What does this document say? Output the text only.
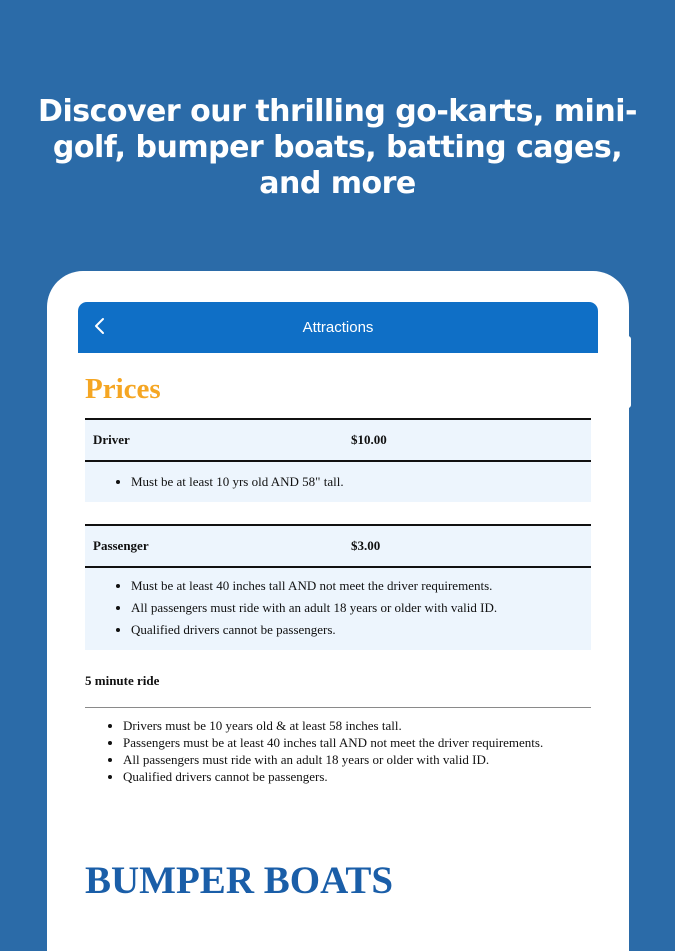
Discover our thrilling go-karts, mini-
golf, bumper boats, batting cages,
and more
Attractions
Prices
Driver	$10.00
• Must be at least 10 yrs old AND 58" tall.
Passenger	$3.00
• Must be at least 40 inches tall AND not meet the driver requirements.
• All passengers must ride with an adult 18 years or older with valid ID.
• Qualified drivers cannot be passengers.
5 minute ride
• Drivers must be 10 years old & at least 58 inches tall.
• Passengers must be at least 40 inches tall AND not meet the driver requirements.
• All passengers must ride with an adult 18 years or older with valid ID.
• Qualified drivers cannot be passengers.
BUMPER BOATS
